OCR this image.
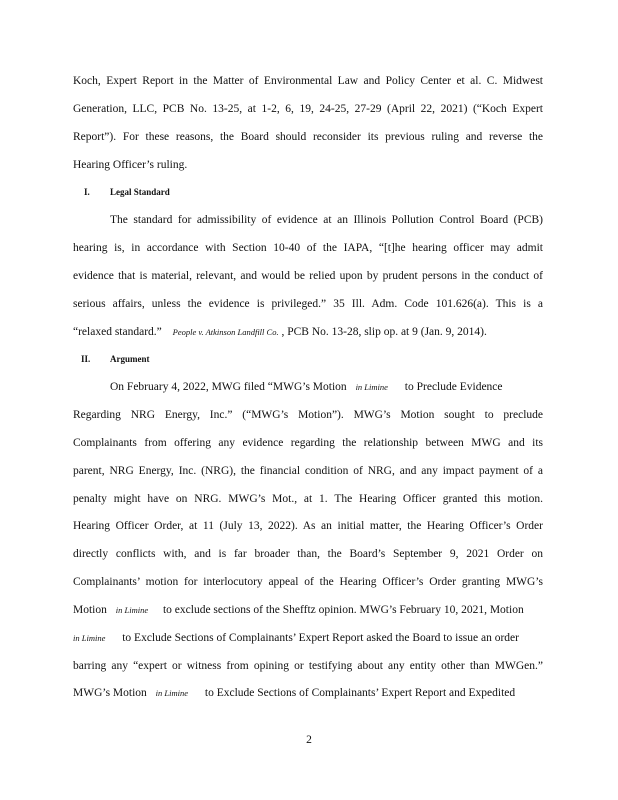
Koch, Expert Report in the Matter of Environmental Law and Policy Center et al. C. Midwest
Generation, LLC, PCB No. 13-25, at 1-2, 6, 19, 24-25, 27-29 (April 22, 2021) (“Koch Expert
Report”). For these reasons, the Board should reconsider its previous ruling and reverse the
Hearing Officer’s ruling.
I. Legal Standard
The standard for admissibility of evidence at an Illinois Pollution Control Board (PCB)
hearing is, in accordance with Section 10-40 of the IAPA, “[t]he hearing officer may admit
evidence that is material, relevant, and would be relied upon by prudent persons in the conduct of
serious affairs, unless the evidence is privileged.” 35 Ill. Adm. Code 101.626(a). This is a
“relaxed standard.” People v. Atkinson Landfill Co. , PCB No. 13-28, slip op. at 9 (Jan. 9, 2014).
II. Argument
On February 4, 2022, MWG filed “MWG’s Motion in Limine to Preclude Evidence
Regarding NRG Energy, Inc.” (“MWG’s Motion”). MWG’s Motion sought to preclude
Complainants from offering any evidence regarding the relationship between MWG and its
parent, NRG Energy, Inc. (NRG), the financial condition of NRG, and any impact payment of a
penalty might have on NRG. MWG’s Mot., at 1. The Hearing Officer granted this motion.
Hearing Officer Order, at 11 (July 13, 2022). As an initial matter, the Hearing Officer’s Order
directly conflicts with, and is far broader than, the Board’s September 9, 2021 Order on
Complainants’ motion for interlocutory appeal of the Hearing Officer’s Order granting MWG’s
Motion in Limine to exclude sections of the Shefftz opinion. MWG’s February 10, 2021, Motion
in Limine to Exclude Sections of Complainants’ Expert Report asked the Board to issue an order
barring any “expert or witness from opining or testifying about any entity other than MWGen.”
MWG’s Motion in Limine to Exclude Sections of Complainants’ Expert Report and Expedited
2
